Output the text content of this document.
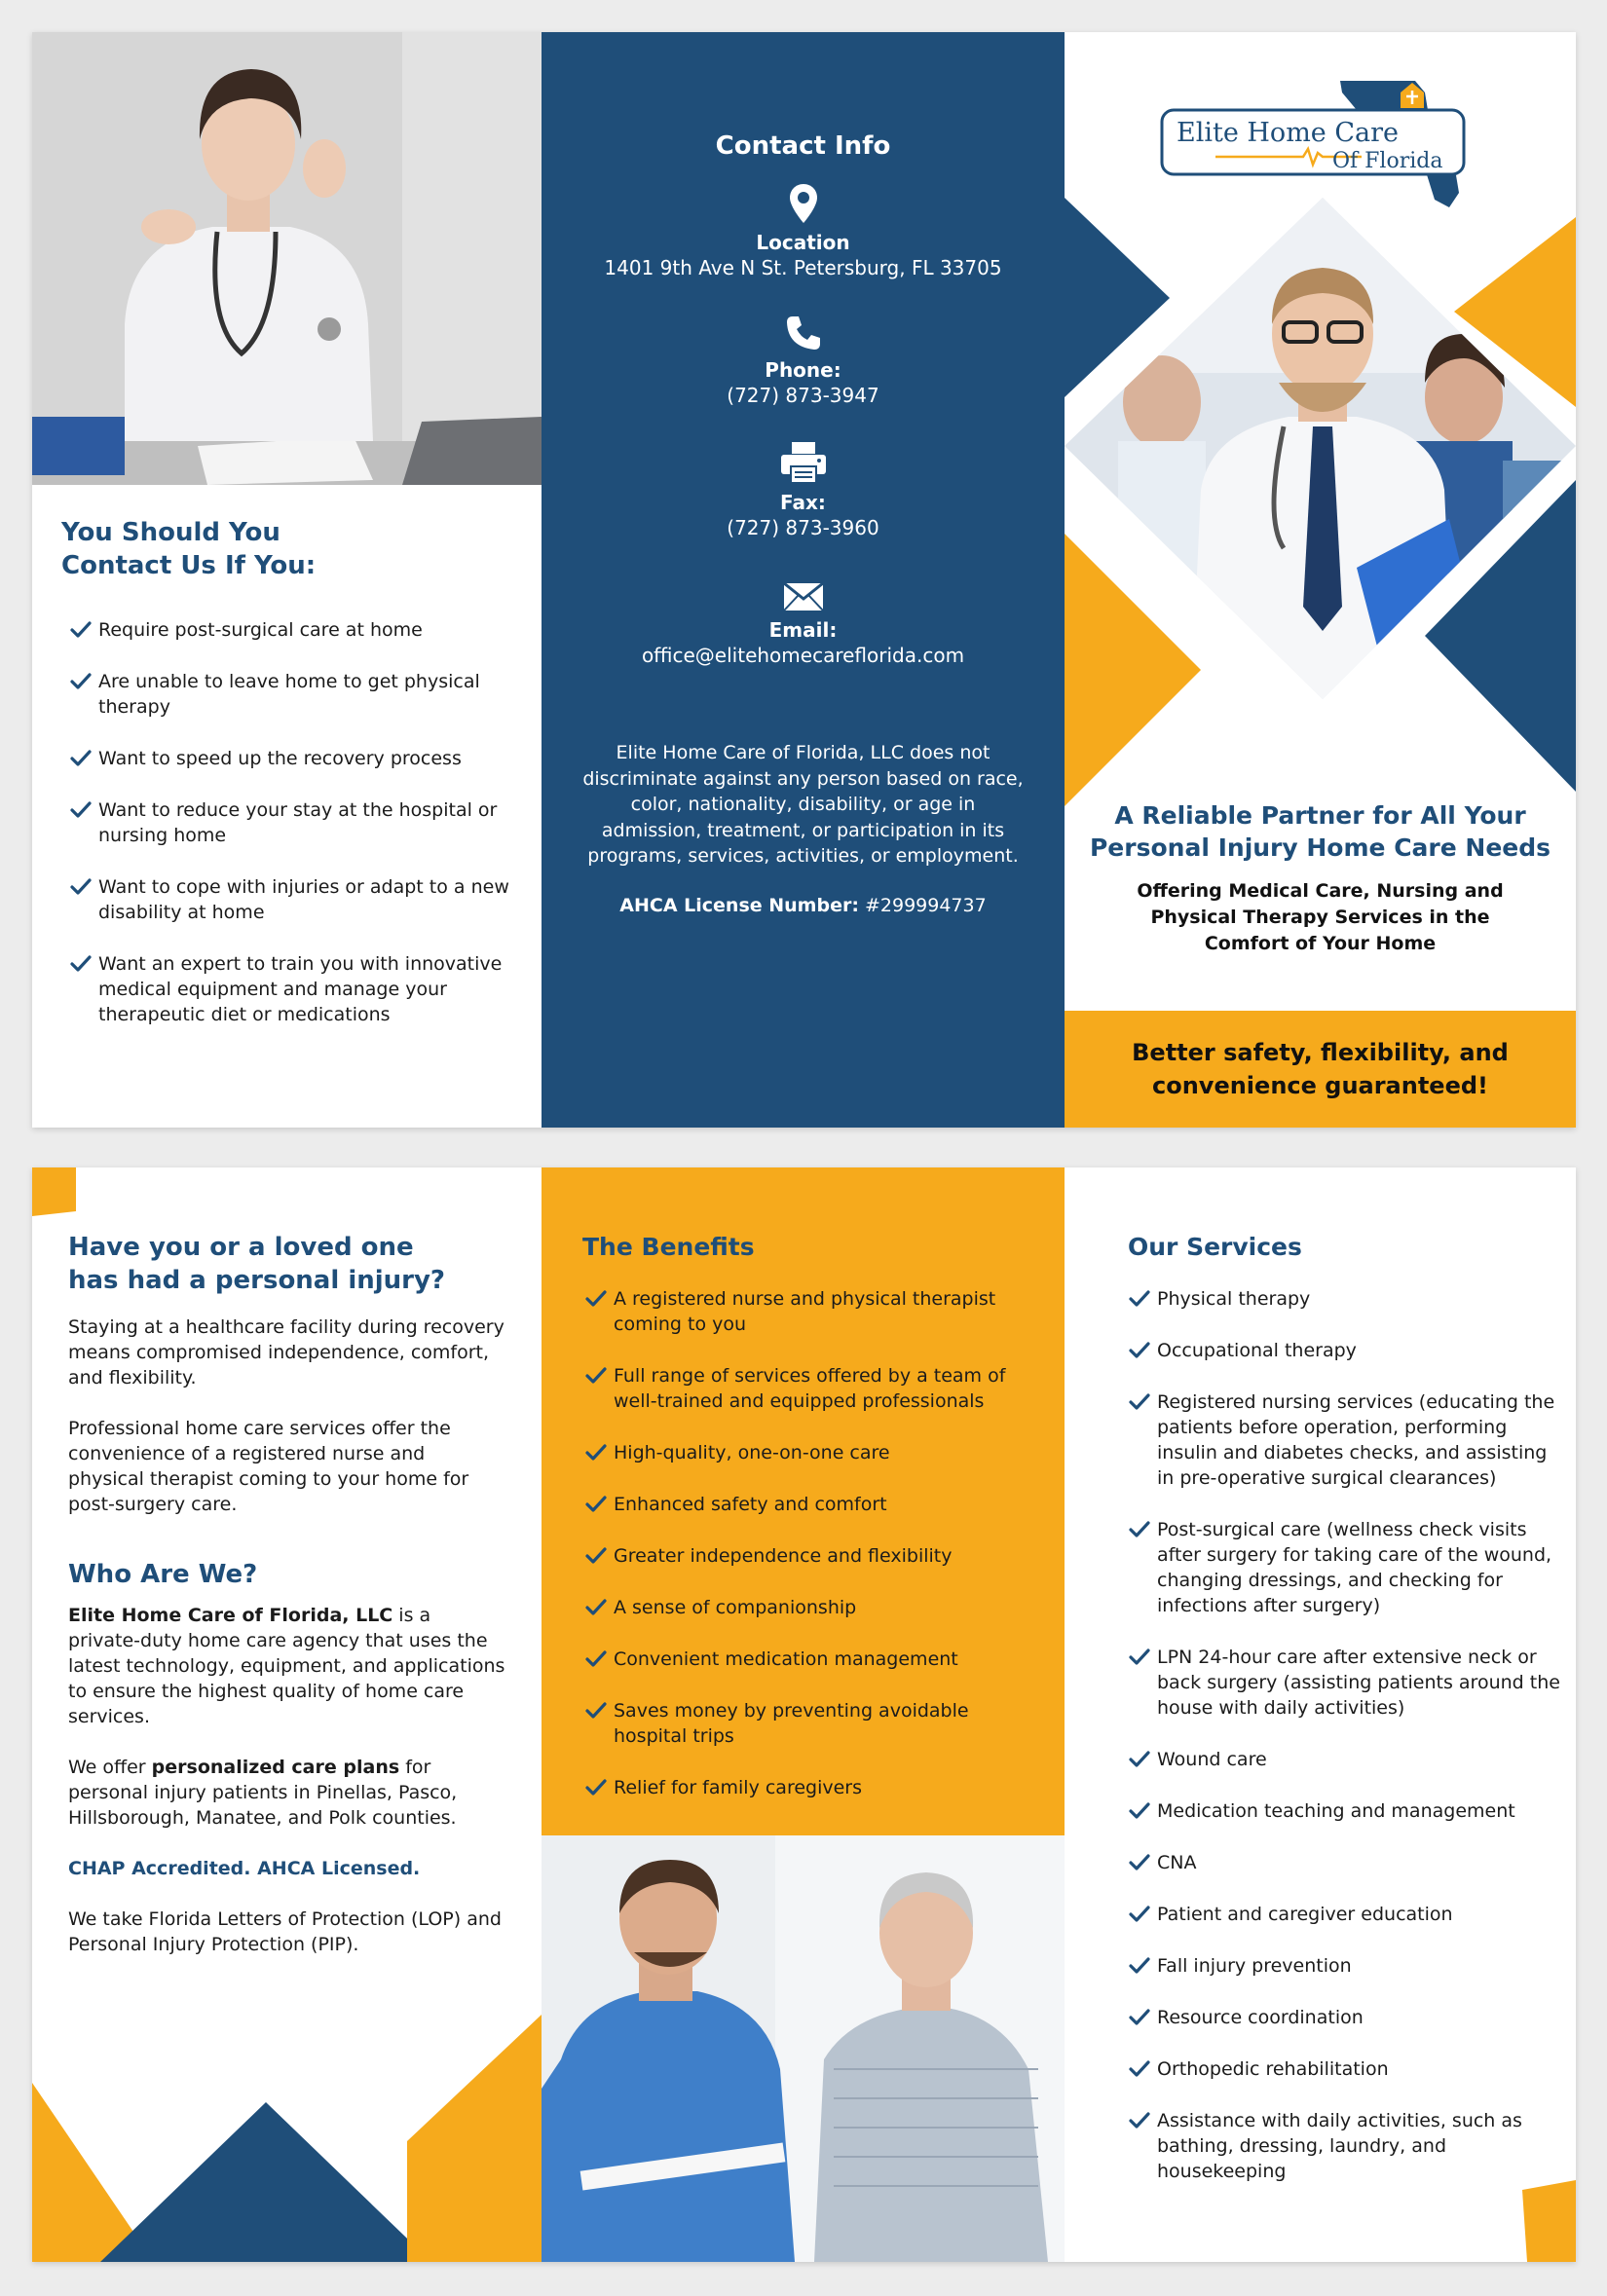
You Should You
Contact Us If You:
Require post-surgical care at home
Are unable to leave home to get physical therapy
Want to speed up the recovery process
Want to reduce your stay at the hospital or nursing home
Want to cope with injuries or adapt to a new disability at home
Want an expert to train you with innovative medical equipment and manage your therapeutic diet or medications
Contact Info
Location
1401 9th Ave N St. Petersburg, FL 33705
Phone:
(727) 873-3947
Fax:
(727) 873-3960
Email:
office@elitehomecareflorida.com

Elite Home Care of Florida, LLC does not discriminate against any person based on race, color, nationality, disability, or age in admission, treatment, or participation in its programs, services, activities, or employment.

AHCA License Number: #299994737

Elite Home Care
Of Florida
A Reliable Partner for All Your Personal Injury Home Care Needs
Offering Medical Care, Nursing and Physical Therapy Services in the Comfort of Your Home
Better safety, flexibility, and convenience guaranteed!
Have you or a loved one has had a personal injury?

Staying at a healthcare facility during recovery means compromised independence, comfort, and flexibility.

Professional home care services offer the convenience of a registered nurse and physical therapist coming to your home for post-surgery care.

Who Are We?

Elite Home Care of Florida, LLC is a private-duty home care agency that uses the latest technology, equipment, and applications to ensure the highest quality of home care services.

We offer personalized care plans for personal injury patients in Pinellas, Pasco, Hillsborough, Manatee, and Polk counties.

CHAP Accredited. AHCA Licensed.

We take Florida Letters of Protection (LOP) and Personal Injury Protection (PIP).

The Benefits
A registered nurse and physical therapist coming to you
Full range of services offered by a team of well-trained and equipped professionals
High-quality, one-on-one care
Enhanced safety and comfort
Greater independence and flexibility
A sense of companionship
Convenient medication management
Saves money by preventing avoidable hospital trips
Relief for family caregivers
Our Services
Physical therapy
Occupational therapy
Registered nursing services (educating the patients before operation, performing insulin and diabetes checks, and assisting in pre-operative surgical clearances)
Post-surgical care (wellness check visits after surgery for taking care of the wound, changing dressings, and checking for infections after surgery)
LPN 24-hour care after extensive neck or back surgery (assisting patients around the house with daily activities)
Wound care
Medication teaching and management
CNA
Patient and caregiver education
Fall injury prevention
Resource coordination
Orthopedic rehabilitation
Assistance with daily activities, such as bathing, dressing, laundry, and housekeeping
